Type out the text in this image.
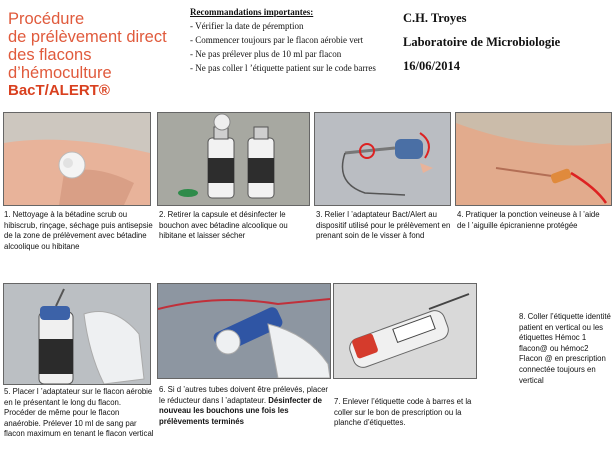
Procédure
de prélèvement direct
des flacons d’hémoculture
BacT/ALERT®
Recommandations importantes:
- Vérifier la date de péremption
- Commencer toujours par le flacon aérobie vert
- Ne pas prélever plus de 10 ml par flacon
- Ne pas coller l ’étiquette patient sur le code barres
C.H. Troyes
Laboratoire de Microbiologie
16/06/2014
1. Nettoyage à la bétadine scrub ou hibiscrub, rinçage, séchage puis antisepsie de la zone de prélèvement avec bétadine alcoolique ou hibitane
2. Retirer la capsule et désinfecter le bouchon avec bétadine alcoolique ou hibitane et laisser sécher
3. Relier l ’adaptateur Bact/Alert au dispositif utilisé pour le prélèvement en prenant soin de le visser à fond
4. Pratiquer la ponction veineuse à l ’aide de l ’aiguille épicranienne protégée
5. Placer l ’adaptateur sur le flacon aérobie en le présentant le long du flacon. Procéder de même pour le flacon anaérobie. Prélever 10 ml de sang par flacon maximum en tenant le flacon vertical
6. Si d ’autres tubes doivent être prélevés, placer le réducteur dans l ’adaptateur. Désinfecter de nouveau les bouchons une fois les prélèvements terminés
7. Enlever l’étiquette code à barres et la coller sur le bon de prescription ou la planche d’étiquettes.
8. Coller l’étiquette identité patient en vertical ou les étiquettes Hémoc 1 flacon@ ou hémoc2 Flacon @ en prescription connectée toujours en vertical
